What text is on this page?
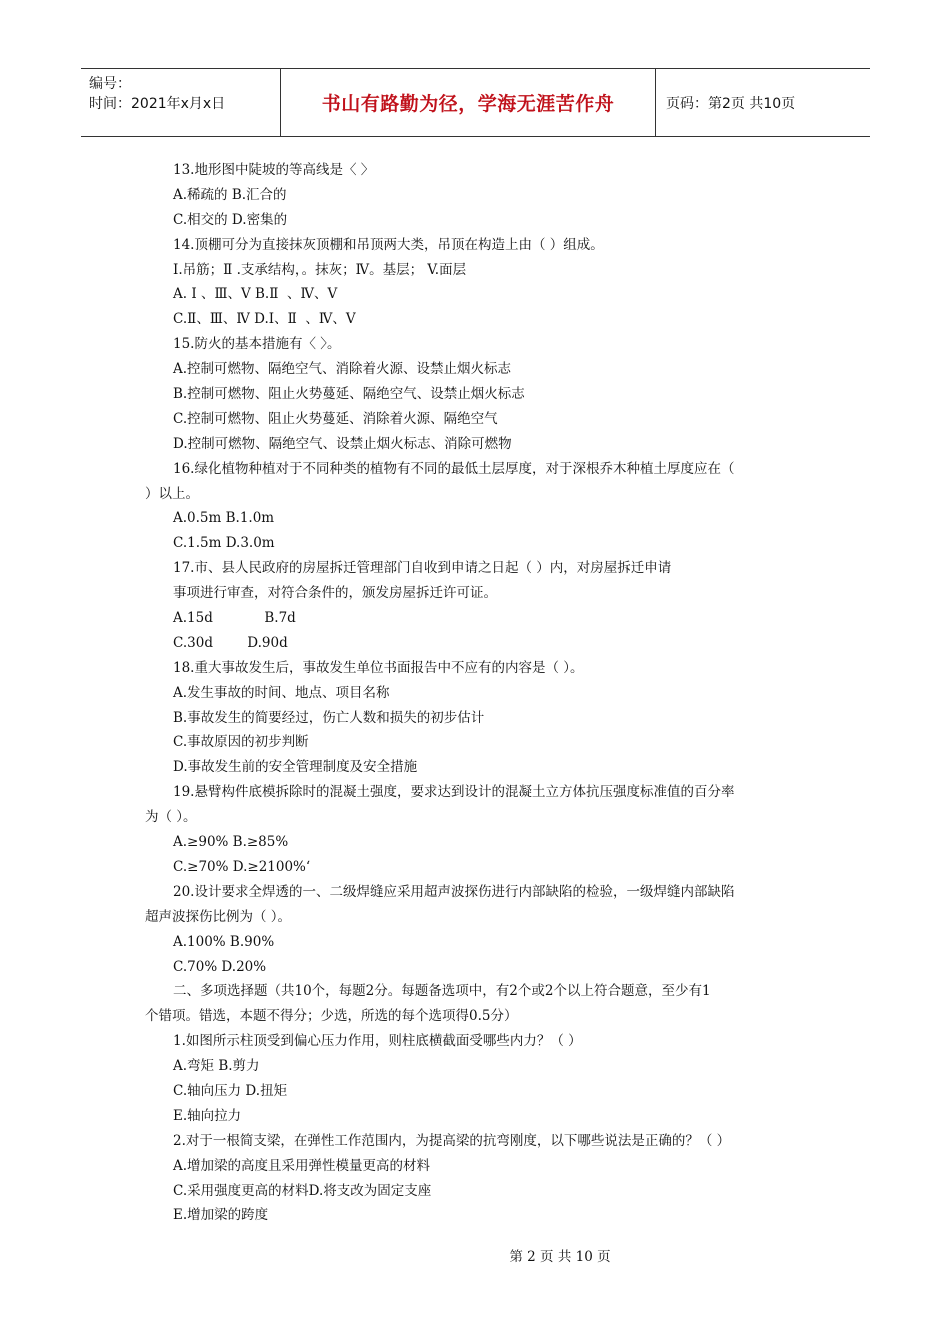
编号：
时间：2021年x月x日	书山有路勤为径，学海无涯苦作舟	页码：第2页 共10页
13.地形图中陡坡的等高线是〈 〉
A.稀疏的 B.汇合的
C.相交的 D.密集的
14.顶棚可分为直接抹灰顶棚和吊顶两大类，吊顶在构造上由（ ）组成。
I.吊筋；Ⅱ .支承结构，。抹灰；Ⅳ。基层； V.面层
A. Ⅰ 、Ⅲ、V B.Ⅱ  、Ⅳ、V
C.Ⅱ、Ⅲ、Ⅳ D.I、Ⅱ  、Ⅳ、V
15.防火的基本措施有〈 〉。
A.控制可燃物、隔绝空气、消除着火源、设禁止烟火标志
B.控制可燃物、阻止火势蔓延、隔绝空气、设禁止烟火标志
C.控制可燃物、阻止火势蔓延、消除着火源、隔绝空气
D.控制可燃物、隔绝空气、设禁止烟火标志、消除可燃物
16.绿化植物种植对于不同种类的植物有不同的最低土层厚度，对于深根乔木种植土厚度应在（
）以上。
A.0.5m B.1.0m
C.1.5m D.3.0m
17.市、县人民政府的房屋拆迁管理部门自收到申请之日起（ ）内，对房屋拆迁申请
事项进行审查，对符合条件的，颁发房屋拆迁许可证。
A.15d            B.7d
C.30d        D.90d
18.重大事故发生后，事故发生单位书面报告中不应有的内容是（ ）。
A.发生事故的时间、地点、项目名称
B.事故发生的简要经过，伤亡人数和损失的初步估计
C.事故原因的初步判断
D.事故发生前的安全管理制度及安全措施
19.悬臂构件底模拆除时的混凝土强度，要求达到设计的混凝土立方体抗压强度标准值的百分率
为（ ）。
A.≥90% B.≥85%
C.≥70% D.≥2100%‘
20.设计要求全焊透的一、二级焊缝应采用超声波探伤进行内部缺陷的检验，一级焊缝内部缺陷
超声波探伤比例为（ ）。
A.100% B.90%
C.70% D.20%
二、多项选择题（共10个，每题2分。每题备选项中，有2个或2个以上符合题意，至少有1
个错项。错选，本题不得分；少选，所选的每个选项得0.5分）
1.如图所示柱顶受到偏心压力作用，则柱底横截面受哪些内力？（ ）
A.弯矩 B.剪力
C.轴向压力 D.扭矩
E.轴向拉力
2.对于一根简支梁，在弹性工作范围内，为提高梁的抗弯刚度，以下哪些说法是正确的？（ ）
A.增加梁的高度且采用弹性模量更高的材料
C.采用强度更高的材料D.将支改为固定支座
E.增加梁的跨度
第 2 页 共 10 页
